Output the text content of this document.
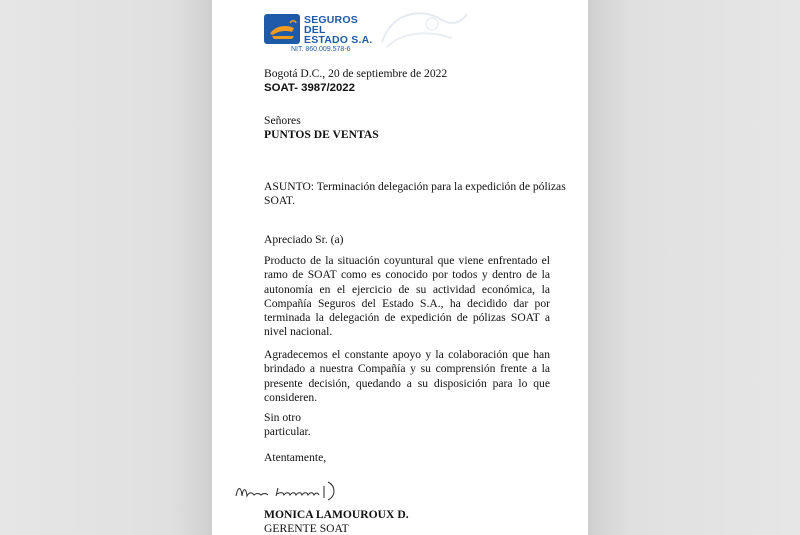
SEGUROS
DEL
ESTADO S.A.
NIT. 860.009.578-6
Bogotá D.C., 20 de septiembre de 2022
SOAT- 3987/2022
Señores
PUNTOS DE VENTAS
ASUNTO: Terminación delegación para la expedición de pólizas
SOAT.
Apreciado Sr. (a)

Producto de la situación coyuntural que viene enfrentado el ramo de SOAT como es conocido por todos y dentro de la autonomía en el ejercicio de su actividad económica, la Compañía Seguros del Estado S.A., ha decidido dar por terminada la delegación de expedición de pólizas SOAT a nivel nacional.

Agradecemos el constante apoyo y la colaboración que han brindado a nuestra Compañía y su comprensión frente a la presente decisión, quedando a su disposición para lo que consideren.

Sin otro
particular.
Atentamente,
MONICA LAMOUROUX D.
GERENTE SOAT
